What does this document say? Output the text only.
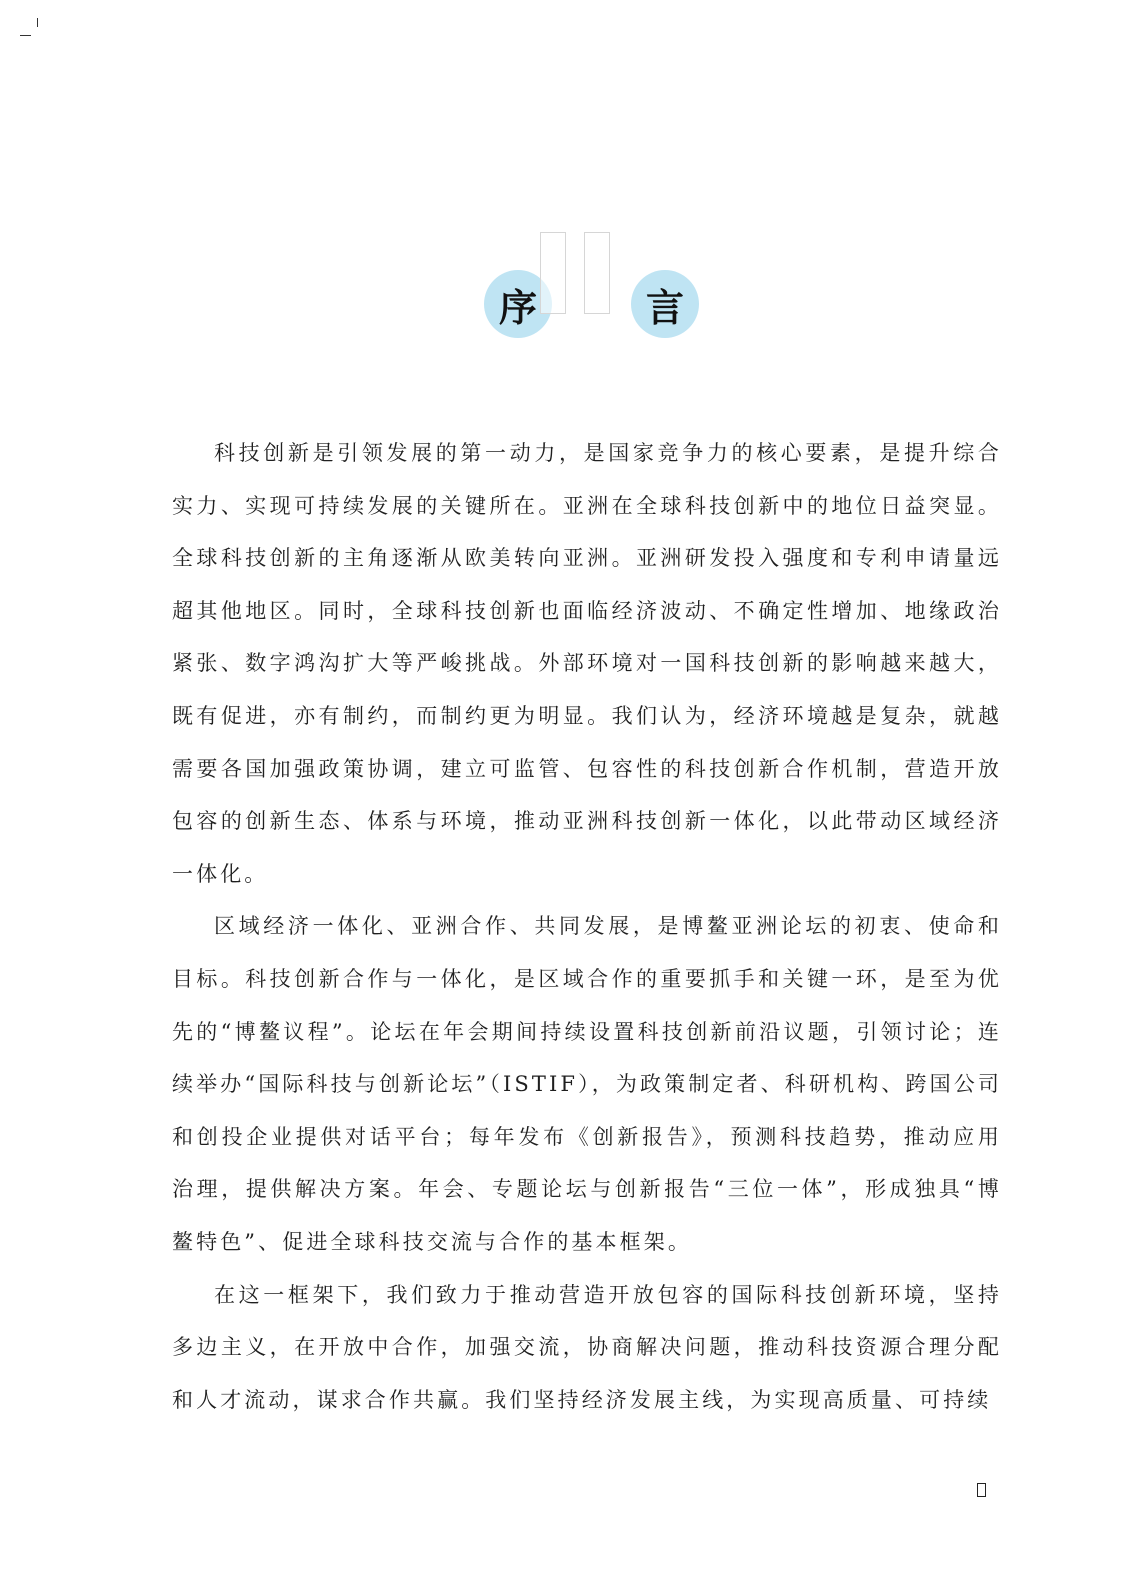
序	言

科技创新是引领发展的第一动力，是国家竞争力的核心要素，是提升综合实力、实现可持续发展的关键所在。亚洲在全球科技创新中的地位日益突显。全球科技创新的主角逐渐从欧美转向亚洲。亚洲研发投入强度和专利申请量远超其他地区。同时，全球科技创新也面临经济波动、不确定性增加、地缘政治紧张、数字鸿沟扩大等严峻挑战。外部环境对一国科技创新的影响越来越大，既有促进，亦有制约，而制约更为明显。我们认为，经济环境越是复杂，就越需要各国加强政策协调，建立可监管、包容性的科技创新合作机制，营造开放包容的创新生态、体系与环境，推动亚洲科技创新一体化，以此带动区域经济一体化。

区域经济一体化、亚洲合作、共同发展，是博鳌亚洲论坛的初衷、使命和目标。科技创新合作与一体化，是区域合作的重要抓手和关键一环，是至为优先的“博鳌议程”。论坛在年会期间持续设置科技创新前沿议题，引领讨论；连续举办“国际科技与创新论坛”（ISTIF），为政策制定者、科研机构、跨国公司和创投企业提供对话平台；每年发布《创新报告》，预测科技趋势，推动应用治理，提供解决方案。年会、专题论坛与创新报告“三位一体”，形成独具“博鳌特色”、促进全球科技交流与合作的基本框架。

在这一框架下，我们致力于推动营造开放包容的国际科技创新环境，坚持多边主义，在开放中合作，加强交流，协商解决问题，推动科技资源合理分配和人才流动，谋求合作共赢。我们坚持经济发展主线，为实现高质量、可持续
